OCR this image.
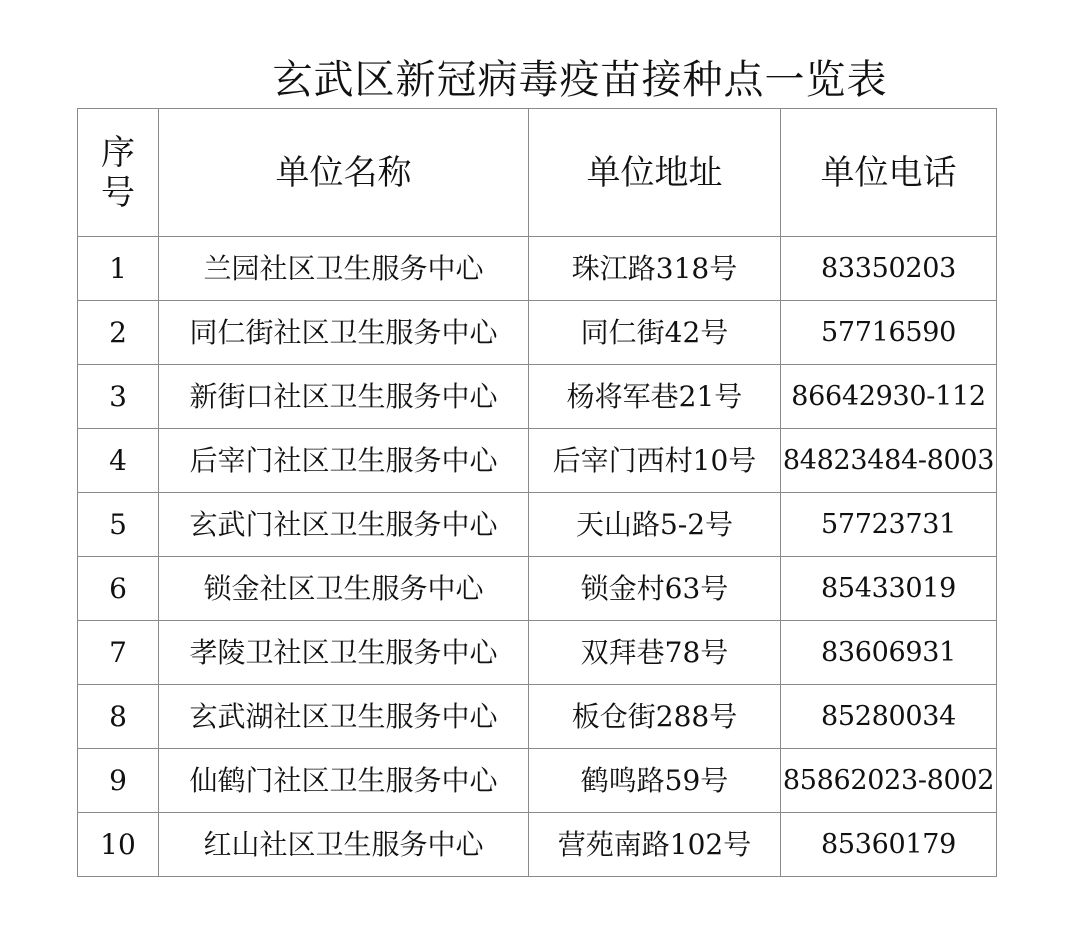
玄武区新冠病毒疫苗接种点一览表
序
号	单位名称	单位地址	单位电话
1	兰园社区卫生服务中心	珠江路318号	83350203
2	同仁街社区卫生服务中心	同仁街42号	57716590
3	新街口社区卫生服务中心	杨将军巷21号	86642930-112
4	后宰门社区卫生服务中心	后宰门西村10号	84823484-8003
5	玄武门社区卫生服务中心	天山路5-2号	57723731
6	锁金社区卫生服务中心	锁金村63号	85433019
7	孝陵卫社区卫生服务中心	双拜巷78号	83606931
8	玄武湖社区卫生服务中心	板仓街288号	85280034
9	仙鹤门社区卫生服务中心	鹤鸣路59号	85862023-8002
10	红山社区卫生服务中心	营苑南路102号	85360179
